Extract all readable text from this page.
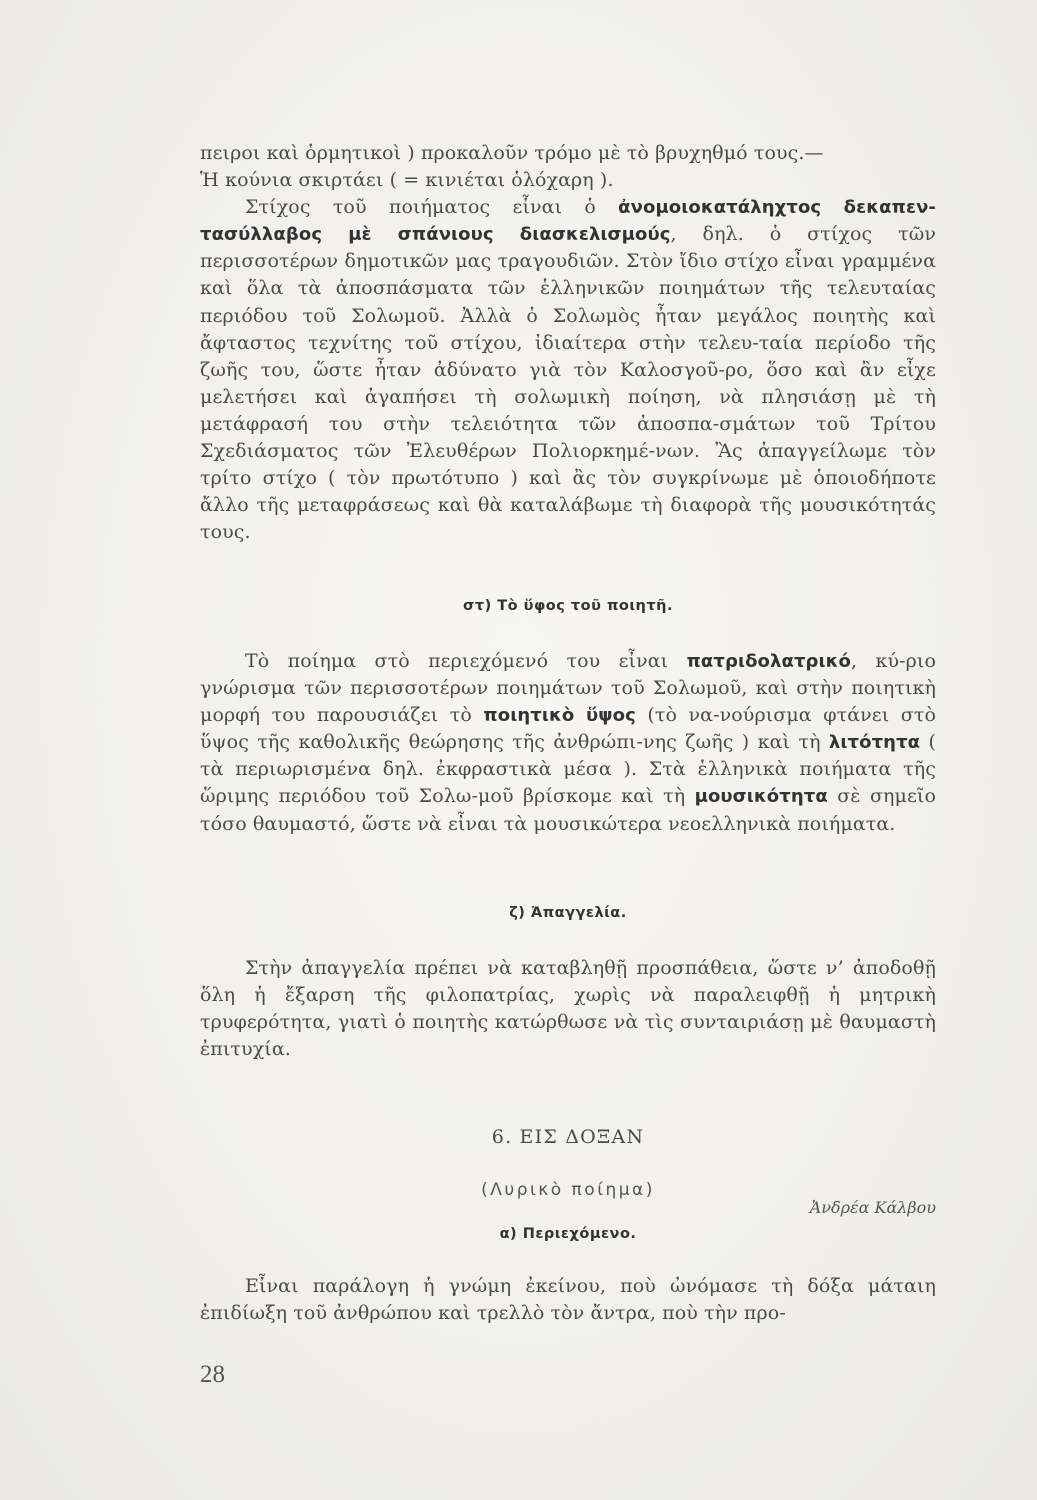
πειροι καὶ ὁρμητικοὶ ) προκαλοῦν τρόμο μὲ τὸ βρυχηθμό τους.—

Ἡ κούνια σκιρτάει ( = κινιέται ὁλόχαρη ).

Στίχος τοῦ ποιήματος εἶναι ὁ ἀνομοιοκατάληχτος δεκαπεν-τασύλλαβος μὲ σπάνιους διασκελισμούς, δηλ. ὁ στίχος τῶν περισσοτέρων δημοτικῶν μας τραγουδιῶν. Στὸν ἴδιο στίχο εἶναι γραμμένα καὶ ὅλα τὰ ἀποσπάσματα τῶν ἑλληνικῶν ποιημάτων τῆς τελευταίας περιόδου τοῦ Σολωμοῦ. Ἀλλὰ ὁ Σολωμὸς ἦταν μεγάλος ποιητὴς καὶ ἄφταστος τεχνίτης τοῦ στίχου, ἰδιαίτερα στὴν τελευ-ταία περίοδο τῆς ζωῆς του, ὥστε ἦταν ἀδύνατο γιὰ τὸν Καλοσγοῦ-ρο, ὅσο καὶ ἂν εἶχε μελετήσει καὶ ἀγαπήσει τὴ σολωμικὴ ποίηση, νὰ πλησιάσῃ μὲ τὴ μετάφρασή του στὴν τελειότητα τῶν ἀποσπα-σμάτων τοῦ Τρίτου Σχεδιάσματος τῶν Ἐλευθέρων Πολιορκημέ-νων. Ἂς ἀπαγγείλωμε τὸν τρίτο στίχο ( τὸν πρωτότυπο ) καὶ ἂς τὸν συγκρίνωμε μὲ ὁποιοδήποτε ἄλλο τῆς μεταφράσεως καὶ θὰ καταλάβωμε τὴ διαφορὰ τῆς μουσικότητάς τους.

στ) Τὸ ὕφος τοῦ ποιητῆ.

Τὸ ποίημα στὸ περιεχόμενό του εἶναι πατριδολατρικό, κύ-ριο γνώρισμα τῶν περισσοτέρων ποιημάτων τοῦ Σολωμοῦ, καὶ στὴν ποιητικὴ μορφή του παρουσιάζει τὸ ποιητικὸ ὕψος (τὸ να-νούρισμα φτάνει στὸ ὕψος τῆς καθολικῆς θεώρησης τῆς ἀνθρώπι-νης ζωῆς ) καὶ τὴ λιτότητα ( τὰ περιωρισμένα δηλ. ἐκφραστικὰ μέσα ). Στὰ ἑλληνικὰ ποιήματα τῆς ὥριμης περιόδου τοῦ Σολω-μοῦ βρίσκομε καὶ τὴ μουσικότητα σὲ σημεῖο τόσο θαυμαστό, ὥστε νὰ εἶναι τὰ μουσικώτερα νεοελληνικὰ ποιήματα.

ζ) Ἀπαγγελία.

Στὴν ἀπαγγελία πρέπει νὰ καταβληθῇ προσπάθεια, ὥστε ν’ ἀποδοθῇ ὅλη ἡ ἔξαρση τῆς φιλοπατρίας, χωρὶς νὰ παραλειφθῇ ἡ μητρικὴ τρυφερότητα, γιατὶ ὁ ποιητὴς κατώρθωσε νὰ τὶς συνταιριάσῃ μὲ θαυμαστὴ ἐπιτυχία.

6. ΕΙΣ ΔΟΞΑΝ
(Λυρικὸ ποίημα)
Ἀνδρέα Κάλβου
α) Περιεχόμενο.

Εἶναι παράλογη ἡ γνώμη ἐκείνου, ποὺ ὠνόμασε τὴ δόξα μάταιη ἐπιδίωξη τοῦ ἀνθρώπου καὶ τρελλὸ τὸν ἄντρα, ποὺ τὴν προ-

28
